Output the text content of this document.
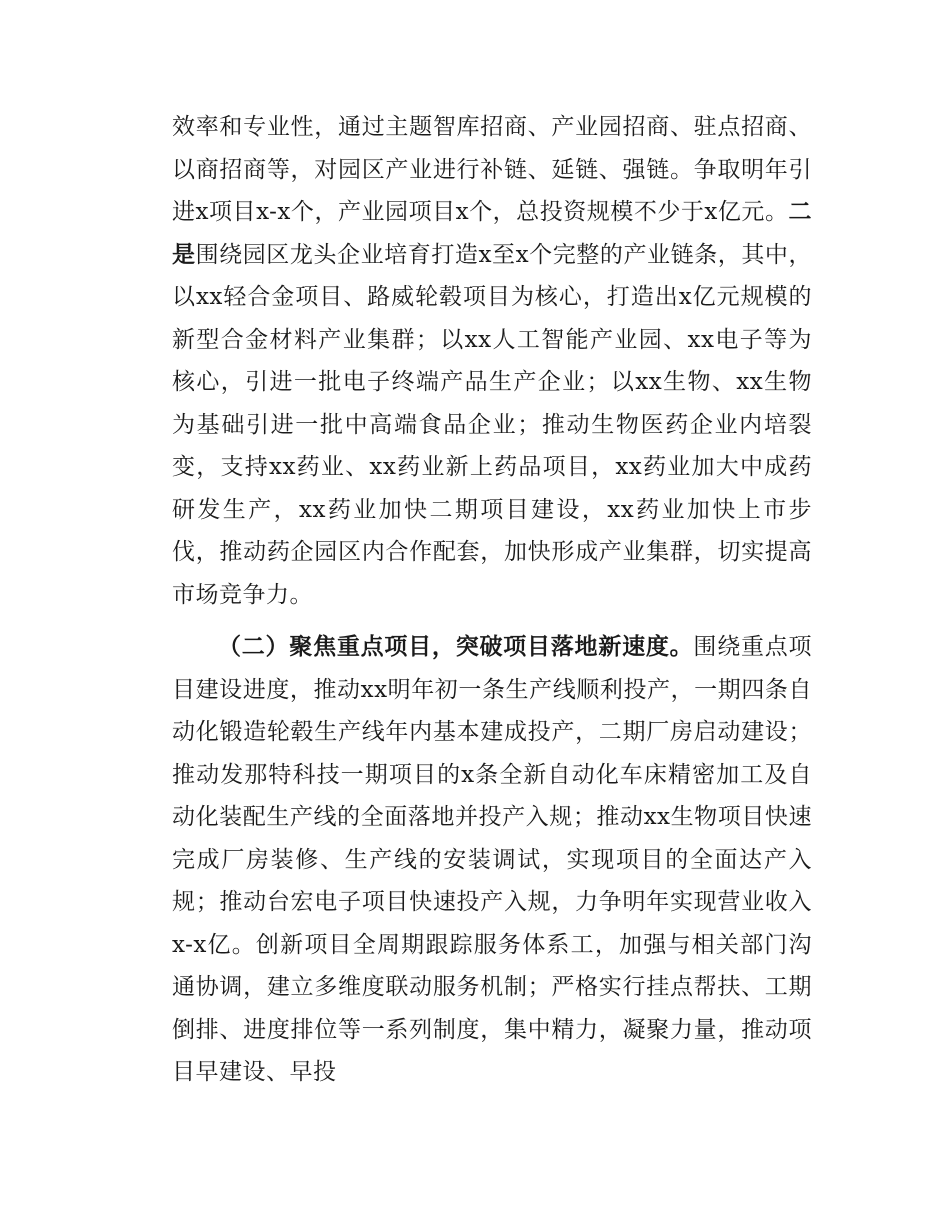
效率和专业性，通过主题智库招商、产业园招商、驻点招商、以商招商等，对园区产业进行补链、延链、强链。争取明年引进x项目x-x个，产业园项目x个，总投资规模不少于x亿元。二是围绕园区龙头企业培育打造x至x个完整的产业链条，其中，以xx轻合金项目、路威轮毂项目为核心，打造出x亿元规模的新型合金材料产业集群；以xx人工智能产业园、xx电子等为核心，引进一批电子终端产品生产企业；以xx生物、xx生物为基础引进一批中高端食品企业；推动生物医药企业内培裂变，支持xx药业、xx药业新上药品项目，xx药业加大中成药研发生产，xx药业加快二期项目建设，xx药业加快上市步伐，推动药企园区内合作配套，加快形成产业集群，切实提高市场竞争力。

（二）聚焦重点项目，突破项目落地新速度。围绕重点项目建设进度，推动xx明年初一条生产线顺利投产，一期四条自动化锻造轮毂生产线年内基本建成投产，二期厂房启动建设；推动发那特科技一期项目的x条全新自动化车床精密加工及自动化装配生产线的全面落地并投产入规；推动xx生物项目快速完成厂房装修、生产线的安装调试，实现项目的全面达产入规；推动台宏电子项目快速投产入规，力争明年实现营业收入x-x亿。创新项目全周期跟踪服务体系工，加强与相关部门沟通协调，建立多维度联动服务机制；严格实行挂点帮扶、工期倒排、进度排位等一系列制度，集中精力，凝聚力量，推动项目早建设、早投
